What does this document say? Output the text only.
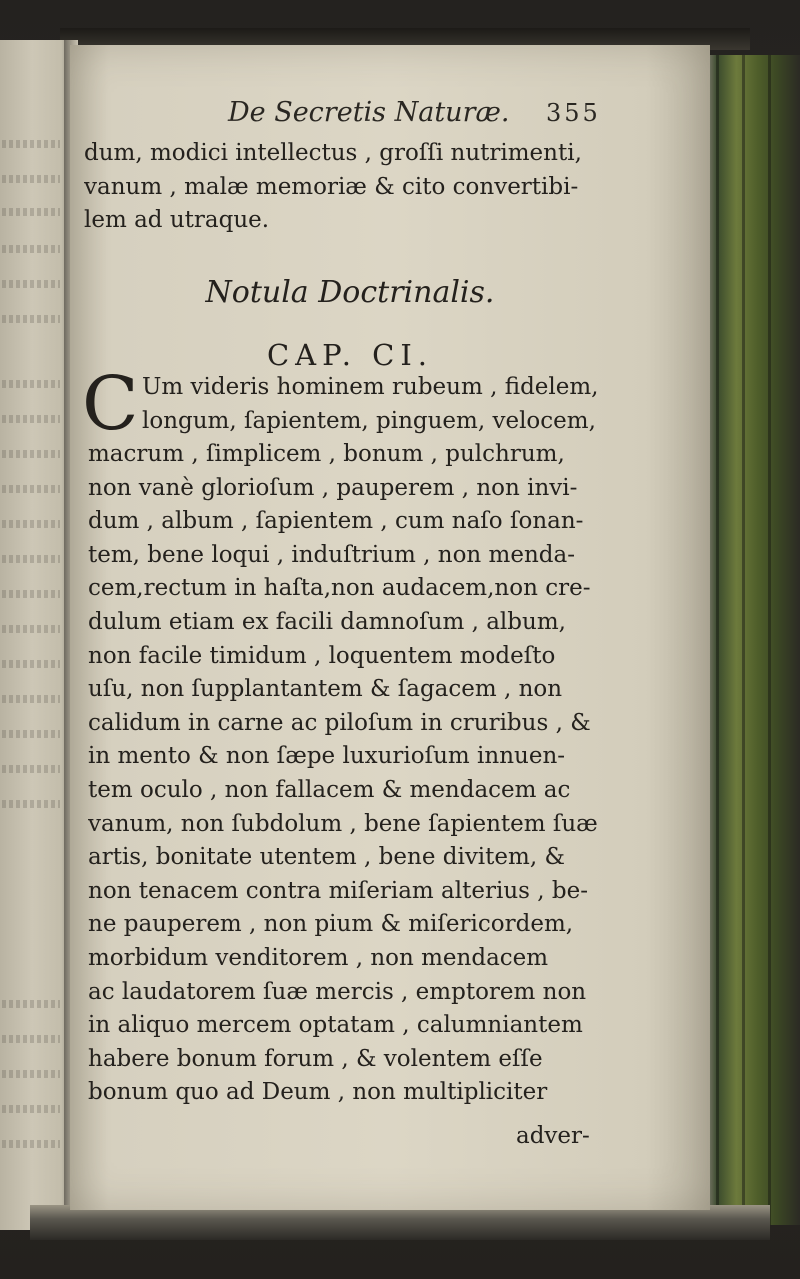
De Secretis Naturæ. 355
dum, modici intellectus , groſſi nutrimenti,
vanum , malæ memoriæ & cito convertibi-
lem ad utraque.
Notula Doctrinalis.
CAP. CI.
C Um videris hominem rubeum , fidelem,
longum, ſapientem, pinguem, velocem,
macrum , ſimplicem , bonum , pulchrum,
non vanè glorioſum , pauperem , non invi-
dum , album , ſapientem , cum naſo ſonan-
tem, bene loqui , induſtrium , non menda-
cem,rectum in haſta,non audacem,non cre-
dulum etiam ex facili damnoſum , album,
non facile timidum , loquentem modeſto
uſu, non ſupplantantem & ſagacem , non
calidum in carne ac piloſum in cruribus , &
in mento & non ſæpe luxurioſum innuen-
tem oculo , non fallacem & mendacem ac
vanum, non ſubdolum , bene ſapientem ſuæ
artis, bonitate utentem , bene divitem, &
non tenacem contra miſeriam alterius , be-
ne pauperem , non pium & miſericordem,
morbidum venditorem , non mendacem
ac laudatorem ſuæ mercis , emptorem non
in aliquo mercem optatam , calumniantem
habere bonum forum , & volentem eſſe
bonum quo ad Deum , non multipliciter
adver-
